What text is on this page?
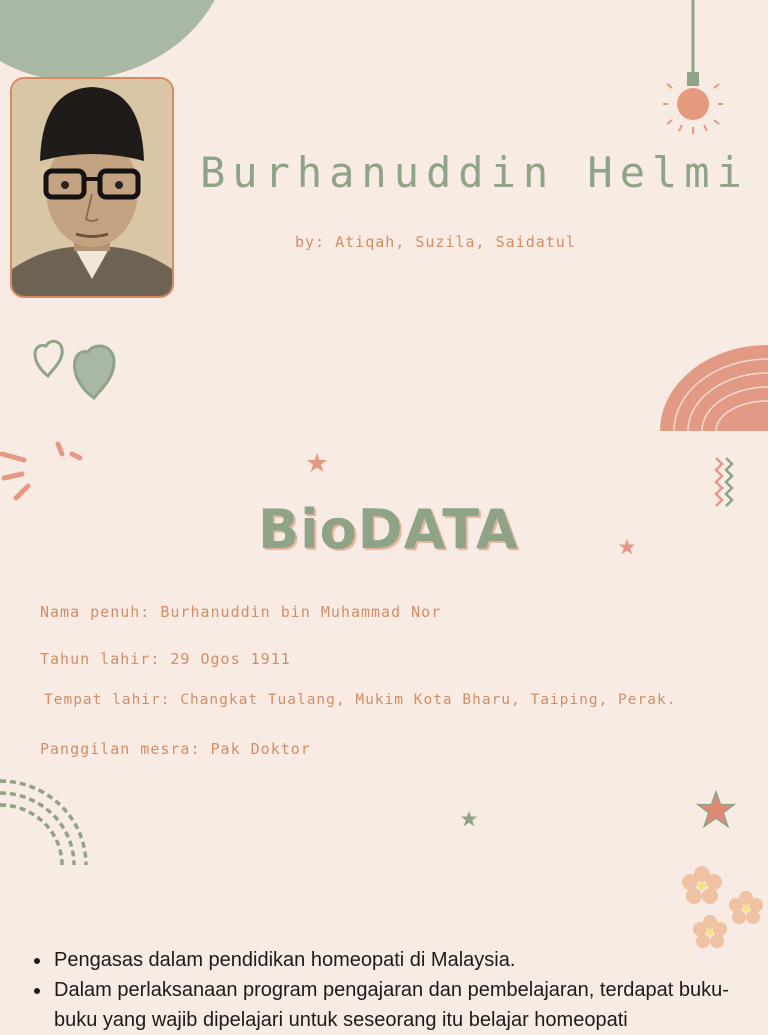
Burhanuddin Helmi
by: Atiqah, Suzila, Saidatul
BioDATA
Nama penuh: Burhanuddin bin Muhammad Nor
Tahun lahir: 29 Ogos 1911
Tempat lahir: Changkat Tualang, Mukim Kota Bharu, Taiping, Perak.
Panggilan mesra: Pak Doktor
• Pengasas dalam pendidikan homeopati di Malaysia.
• Dalam perlaksanaan program pengajaran dan pembelajaran, terdapat buku-buku yang wajib dipelajari untuk seseorang itu belajar homeopati
